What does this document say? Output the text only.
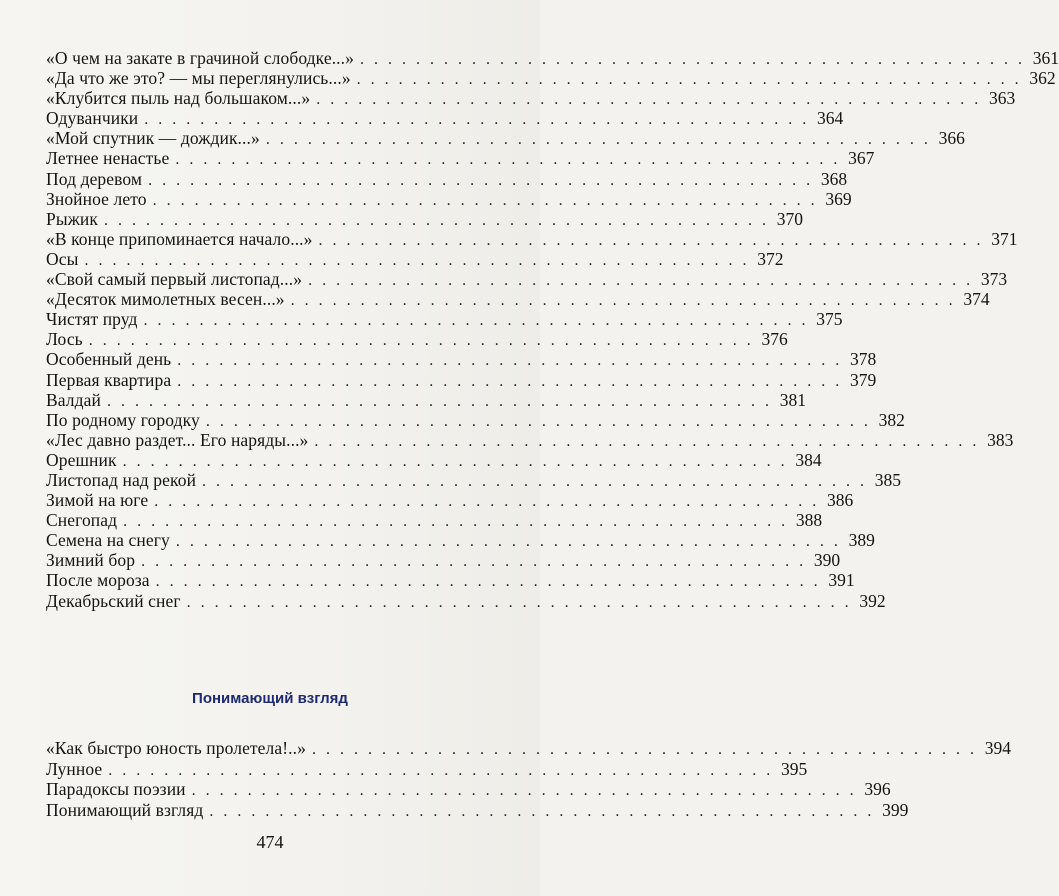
«О чем на закате в грачиной слободке...» . . .	361
«Да что же это? — мы переглянулись...» . . .	362
«Клубится пыль над большаком...» . . .	363
Одуванчики . . .	364
«Мой спутник — дождик...» . . .	366
Летнее ненастье . . .	367
Под деревом . . .	368
Знойное лето . . .	369
Рыжик . . .	370
«В конце припоминается начало...» . . .	371
Осы . . .	372
«Свой самый первый листопад...» . . .	373
«Десяток мимолетных весен...» . . .	374
Чистят пруд . . .	375
Лось . . .	376
Особенный день . . .	378
Первая квартира . . .	379
Валдай . . .	381
По родному городку . . .	382
«Лес давно раздет... Его наряды...» . . .	383
Орешник . . .	384
Листопад над рекой . . .	385
Зимой на юге . . .	386
Снегопад . . .	388
Семена на снегу . . .	389
Зимний бор . . .	390
После мороза . . .	391
Декабрьский снег . . .	392
Понимающий взгляд
«Как быстро юность пролетела!..» . . .	394
Лунное . . .	395
Парадоксы поэзии . . .	396
Понимающий взгляд . . .	399
474
